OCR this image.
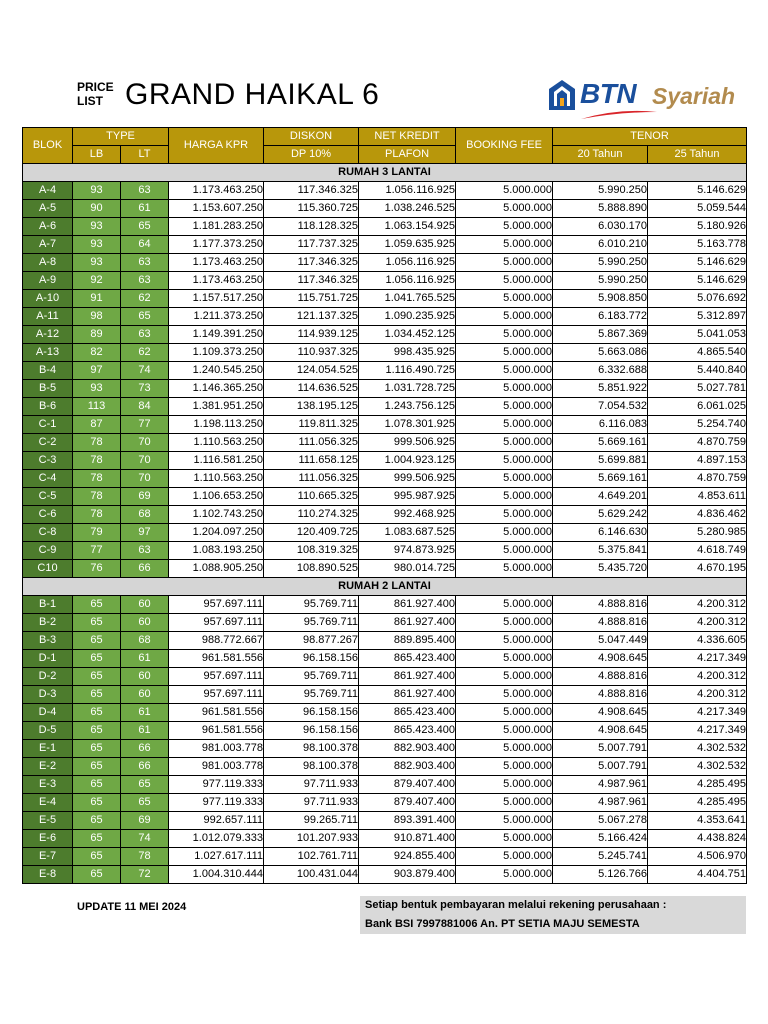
PRICE
LIST GRAND HAIKAL 6	BTN Syariah
BLOK	TYPE		HARGA KPR	DISKON	NET KREDIT	BOOKING FEE	TENOR	
	LB	LT		DP 10%	PLAFON		20 Tahun	25 Tahun
RUMAH 3 LANTAI								
A-4	93	63	1.173.463.250	117.346.325	1.056.116.925	5.000.000	5.990.250	5.146.629
A-5	90	61	1.153.607.250	115.360.725	1.038.246.525	5.000.000	5.888.890	5.059.544
A-6	93	65	1.181.283.250	118.128.325	1.063.154.925	5.000.000	6.030.170	5.180.926
A-7	93	64	1.177.373.250	117.737.325	1.059.635.925	5.000.000	6.010.210	5.163.778
A-8	93	63	1.173.463.250	117.346.325	1.056.116.925	5.000.000	5.990.250	5.146.629
A-9	92	63	1.173.463.250	117.346.325	1.056.116.925	5.000.000	5.990.250	5.146.629
A-10	91	62	1.157.517.250	115.751.725	1.041.765.525	5.000.000	5.908.850	5.076.692
A-11	98	65	1.211.373.250	121.137.325	1.090.235.925	5.000.000	6.183.772	5.312.897
A-12	89	63	1.149.391.250	114.939.125	1.034.452.125	5.000.000	5.867.369	5.041.053
A-13	82	62	1.109.373.250	110.937.325	998.435.925	5.000.000	5.663.086	4.865.540
B-4	97	74	1.240.545.250	124.054.525	1.116.490.725	5.000.000	6.332.688	5.440.840
B-5	93	73	1.146.365.250	114.636.525	1.031.728.725	5.000.000	5.851.922	5.027.781
B-6	113	84	1.381.951.250	138.195.125	1.243.756.125	5.000.000	7.054.532	6.061.025
C-1	87	77	1.198.113.250	119.811.325	1.078.301.925	5.000.000	6.116.083	5.254.740
C-2	78	70	1.110.563.250	111.056.325	999.506.925	5.000.000	5.669.161	4.870.759
C-3	78	70	1.116.581.250	111.658.125	1.004.923.125	5.000.000	5.699.881	4.897.153
C-4	78	70	1.110.563.250	111.056.325	999.506.925	5.000.000	5.669.161	4.870.759
C-5	78	69	1.106.653.250	110.665.325	995.987.925	5.000.000	4.649.201	4.853.611
C-6	78	68	1.102.743.250	110.274.325	992.468.925	5.000.000	5.629.242	4.836.462
C-8	79	97	1.204.097.250	120.409.725	1.083.687.525	5.000.000	6.146.630	5.280.985
C-9	77	63	1.083.193.250	108.319.325	974.873.925	5.000.000	5.375.841	4.618.749
C10	76	66	1.088.905.250	108.890.525	980.014.725	5.000.000	5.435.720	4.670.195
RUMAH 2 LANTAI								
B-1	65	60	957.697.111	95.769.711	861.927.400	5.000.000	4.888.816	4.200.312
B-2	65	60	957.697.111	95.769.711	861.927.400	5.000.000	4.888.816	4.200.312
B-3	65	68	988.772.667	98.877.267	889.895.400	5.000.000	5.047.449	4.336.605
D-1	65	61	961.581.556	96.158.156	865.423.400	5.000.000	4.908.645	4.217.349
D-2	65	60	957.697.111	95.769.711	861.927.400	5.000.000	4.888.816	4.200.312
D-3	65	60	957.697.111	95.769.711	861.927.400	5.000.000	4.888.816	4.200.312
D-4	65	61	961.581.556	96.158.156	865.423.400	5.000.000	4.908.645	4.217.349
D-5	65	61	961.581.556	96.158.156	865.423.400	5.000.000	4.908.645	4.217.349
E-1	65	66	981.003.778	98.100.378	882.903.400	5.000.000	5.007.791	4.302.532
E-2	65	66	981.003.778	98.100.378	882.903.400	5.000.000	5.007.791	4.302.532
E-3	65	65	977.119.333	97.711.933	879.407.400	5.000.000	4.987.961	4.285.495
E-4	65	65	977.119.333	97.711.933	879.407.400	5.000.000	4.987.961	4.285.495
E-5	65	69	992.657.111	99.265.711	893.391.400	5.000.000	5.067.278	4.353.641
E-6	65	74	1.012.079.333	101.207.933	910.871.400	5.000.000	5.166.424	4.438.824
E-7	65	78	1.027.617.111	102.761.711	924.855.400	5.000.000	5.245.741	4.506.970
E-8	65	72	1.004.310.444	100.431.044	903.879.400	5.000.000	5.126.766	4.404.751
UPDATE 11 MEI 2024	Setiap bentuk pembayaran melalui rekening perusahaan :
Bank BSI 7997881006 An. PT SETIA MAJU SEMESTA
